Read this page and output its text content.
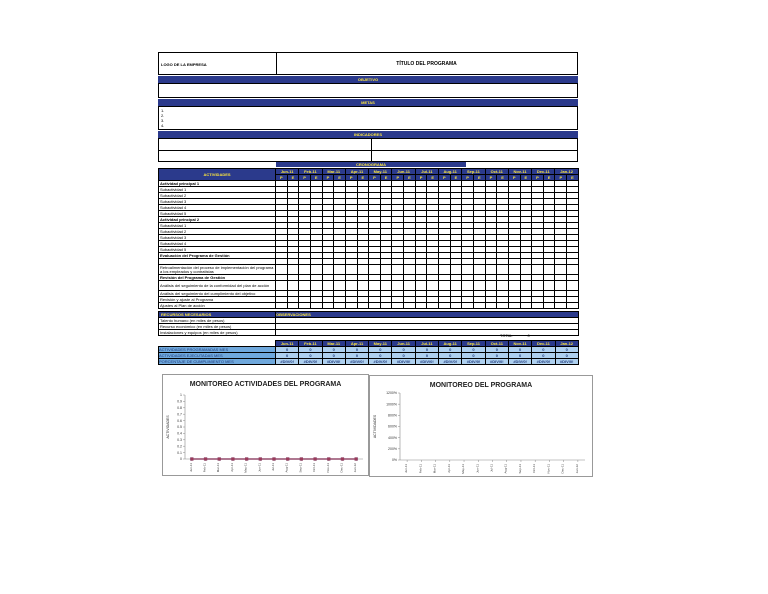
LOGO DE LA EMPRESA	TÍTULO DEL PROGRAMA
OBJETIVO
METAS
1.
2.
3.
4.
INDICADORES
CRONOGRAMA
ACTIVIDADES	Jun-11		Feb-11		Mar-11		Apr-11		May-11		Jun-11		Jul-11		Aug-11		Sep-11		Oct-11		Nov-11		Dec-11		Jan-12	
	P	E	P	E	P	E	P	E	P	E	P	E	P	E	P	E	P	E	P	E	P	E	P	E	P	E
Actividad principal 1																										
Subactividad 1																										
Subactividad 2																										
Subactividad 3																										
Subactividad 4																										
Subactividad 5																										
Actividad principal 2																										
Subactividad 1																										
Subactividad 2																										
Subactividad 3																										
Subactividad 4																										
Subactividad 5																										
Evaluación del Programa de Gestión																										

Retroalimentación del proceso de implementación del programa a los empleados y contratistas																										
Revisión del Programa de Gestión																										
Análisis del seguimiento de la conformidad del plan de acción																										
Análisis del seguimiento del cumplimiento del objetivo																										
Revisión y ajuste al Programa																										
Ajustes al Plan de acción																										
RECURSOS NECESARIOS	OBSERVACIONES
Talento humano (en miles de pesos)	
Recurso económico (en miles de pesos)	
Instalaciones y equipos (en miles de pesos)	
TOTAL	0
	Jun-11	Feb-11	Mar-11	Apr-11	May-11	Jun-11	Jul-11	Aug-11	Sep-11	Oct-11	Nov-11	Dec-11	Jan-12
ACTIVIDADES PROGRAMADAS MES	0	0	0	0	0	0	0	0	0	0	0	0	0
ACTIVIDADES EJECUTADAS MES	0	0	0	0	0	0	0	0	0	0	0	0	0
PORCENTAJE DE CUMPLIMIENTO MES	#DIV/0!	#DIV/0!	#DIV/0!	#DIV/0!	#DIV/0!	#DIV/0!	#DIV/0!	#DIV/0!	#DIV/0!	#DIV/0!	#DIV/0!	#DIV/0!	#DIV/0!
MONITOREO ACTIVIDADES DEL PROGRAMA
ACTIVIDADES
0
0.1
0.2
0.3
0.4
0.5
0.6
0.7
0.8
0.9
1
Jun-11	Feb-11	Mar-11	Apr-11	May-11	Jun-11	Jul-11	Aug-11	Sep-11	Oct-11	Nov-11	Dec-11	Jan-12
MONITOREO DEL PROGRAMA
ACTIVIDADES
0%
200%
400%
600%
800%
1000%
1200%
Jun-11	Feb-11	Mar-11	Apr-11	May-11	Jun-11	Jul-11	Aug-11	Sep-11	Oct-11	Nov-11	Dec-11	Jan-12
